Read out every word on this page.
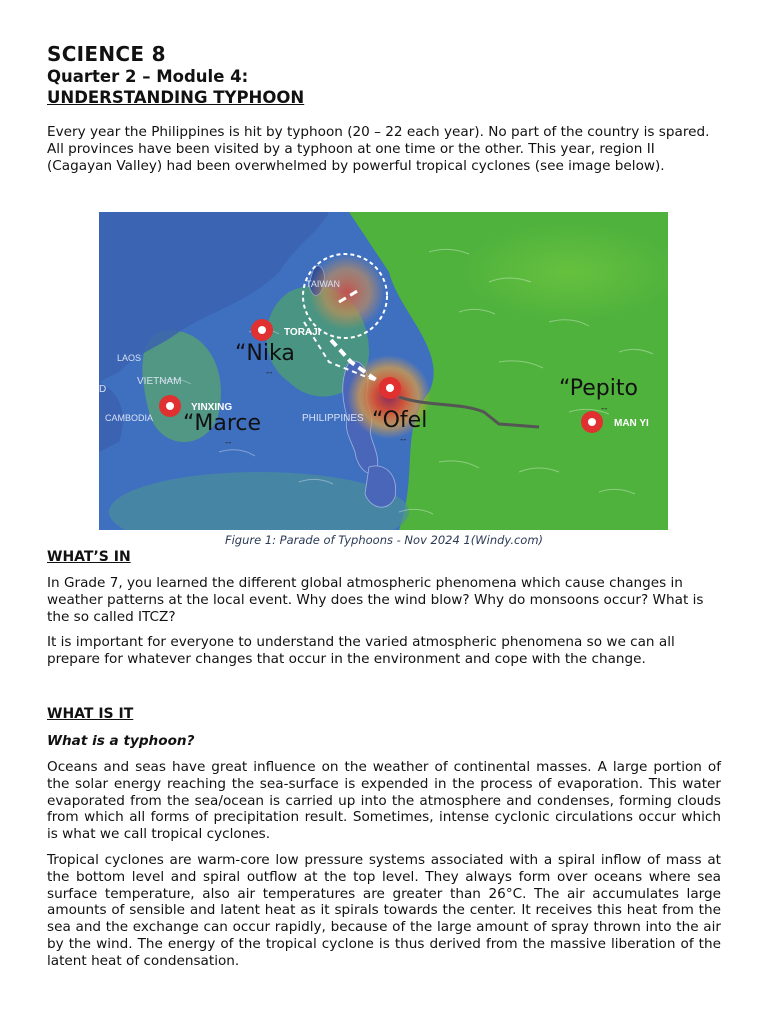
SCIENCE 8
Quarter 2 – Module 4:
UNDERSTANDING TYPHOON

Every year the Philippines is hit by typhoon (20 – 22 each year). No part of the country is spared. All provinces have been visited by a typhoon at one time or the other. This year, region II (Cagayan Valley) had been overwhelmed by powerful tropical cyclones (see image below).

TAIWAN
LAOS
VIETNAM
CAMBODIA	PHILIPPINES
D
TORAJI
YINXING
MAN YI
“Nika
“Marce	“Ofel
“Pepito
--
--	--
--
Figure 1: Parade of Typhoons - Nov 2024 1(Windy.com)
WHAT’S IN

In Grade 7, you learned the different global atmospheric phenomena which cause changes in weather patterns at the local event. Why does the wind blow? Why do monsoons occur? What is the so called ITCZ?

It is important for everyone to understand the varied atmospheric phenomena so we can all prepare for whatever changes that occur in the environment and cope with the change.

WHAT IS IT

What is a typhoon?

Oceans and seas have great influence on the weather of continental masses. A large portion of the solar energy reaching the sea-surface is expended in the process of evaporation. This water evaporated from the sea/ocean is carried up into the atmosphere and condenses, forming clouds from which all forms of precipitation result. Sometimes, intense cyclonic circulations occur which is what we call tropical cyclones.

Tropical cyclones are warm-core low pressure systems associated with a spiral inflow of mass at the bottom level and spiral outflow at the top level. They always form over oceans where sea surface temperature, also air temperatures are greater than 26°C. The air accumulates large amounts of sensible and latent heat as it spirals towards the center. It receives this heat from the sea and the exchange can occur rapidly, because of the large amount of spray thrown into the air by the wind. The energy of the tropical cyclone is thus derived from the massive liberation of the latent heat of condensation.
